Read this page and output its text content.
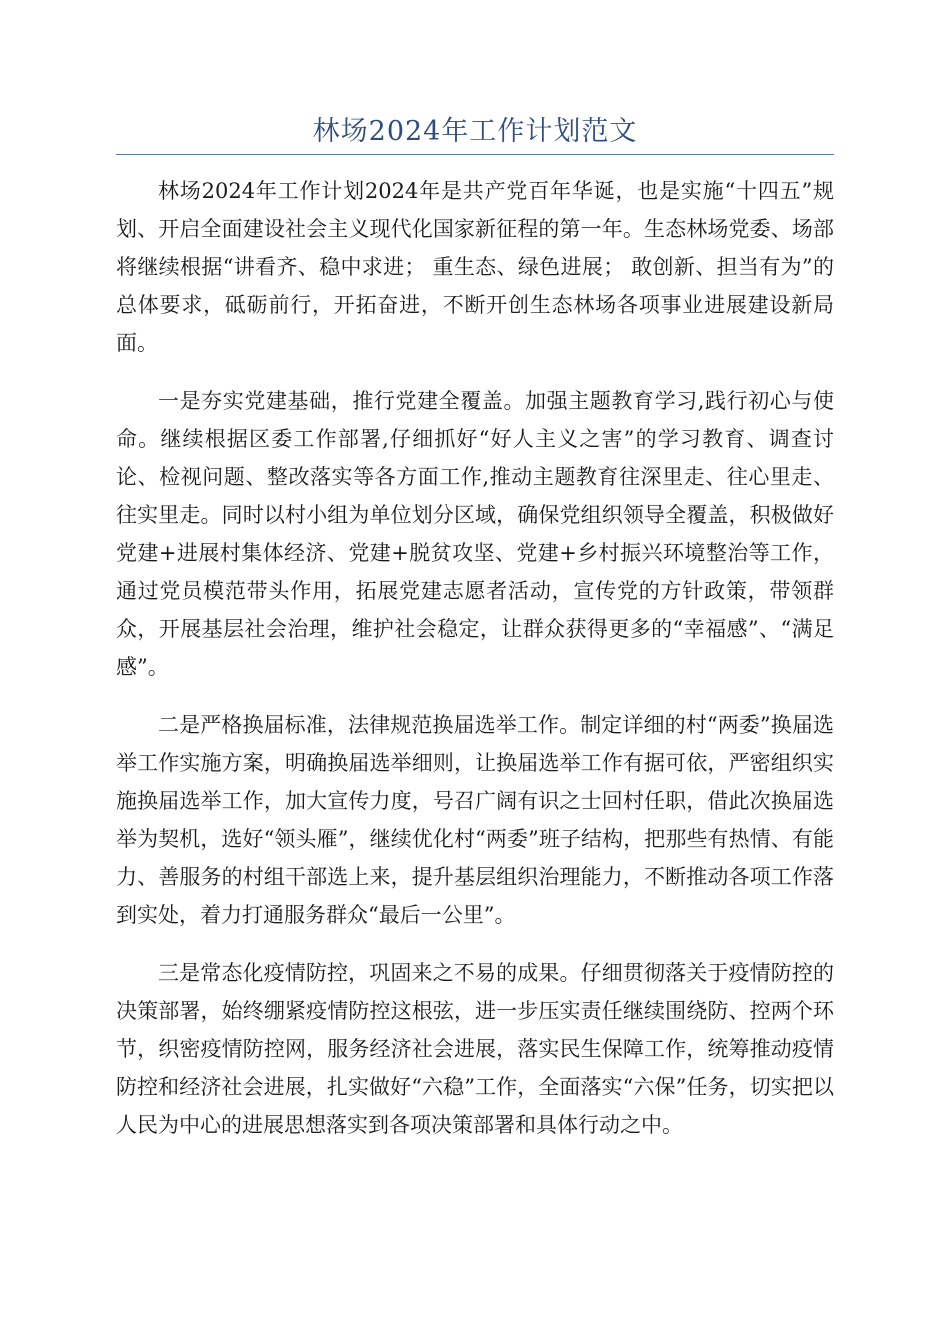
林场2024年工作计划范文

林场2024年工作计划2024年是共产党百年华诞，也是实施“十四五”规划、开启全面建设社会主义现代化国家新征程的第一年。生态林场党委、场部将继续根据“讲看齐、稳中求进； 重生态、绿色进展； 敢创新、担当有为”的总体要求，砥砺前行，开拓奋进，不断开创生态林场各项事业进展建设新局面。

一是夯实党建基础，推行党建全覆盖。加强主题教育学习,践行初心与使命。继续根据区委工作部署,仔细抓好“好人主义之害”的学习教育、调查讨论、检视问题、整改落实等各方面工作,推动主题教育往深里走、往心里走、往实里走。同时以村小组为单位划分区域，确保党组织领导全覆盖，积极做好党建+进展村集体经济、党建+脱贫攻坚、党建+乡村振兴环境整治等工作，通过党员模范带头作用，拓展党建志愿者活动，宣传党的方针政策，带领群众，开展基层社会治理，维护社会稳定，让群众获得更多的“幸福感”、“满足感”。

二是严格换届标准，法律规范换届选举工作。制定详细的村“两委”换届选举工作实施方案，明确换届选举细则，让换届选举工作有据可依，严密组织实施换届选举工作，加大宣传力度，号召广阔有识之士回村任职，借此次换届选举为契机，选好“领头雁”，继续优化村“两委”班子结构，把那些有热情、有能力、善服务的村组干部选上来，提升基层组织治理能力，不断推动各项工作落到实处，着力打通服务群众“最后一公里”。

三是常态化疫情防控，巩固来之不易的成果。仔细贯彻落关于疫情防控的决策部署，始终绷紧疫情防控这根弦，进一步压实责任继续围绕防、控两个环节，织密疫情防控网，服务经济社会进展，落实民生保障工作，统筹推动疫情防控和经济社会进展，扎实做好“六稳”工作，全面落实“六保”任务，切实把以人民为中心的进展思想落实到各项决策部署和具体行动之中。
